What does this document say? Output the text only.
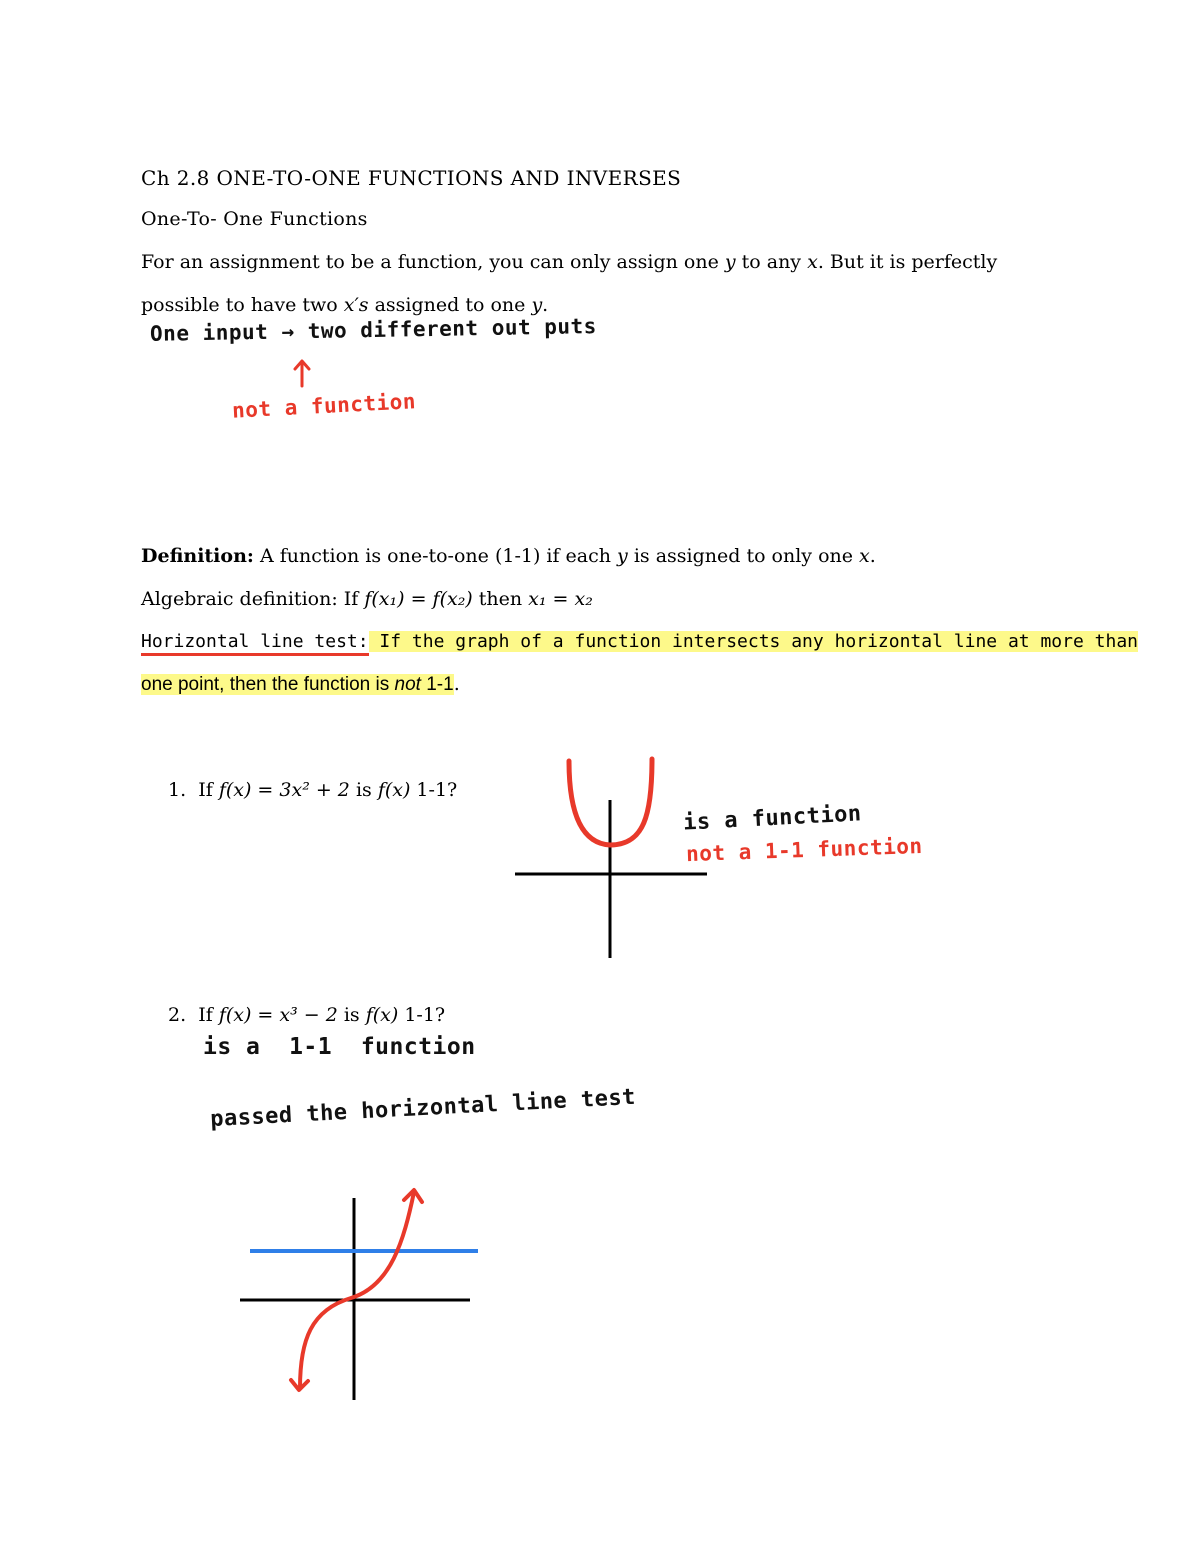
Ch 2.8 ONE-TO-ONE FUNCTIONS AND INVERSES
One-To- One Functions
For an assignment to be a function, you can only assign one y to any x. But it is perfectly
possible to have two x′s assigned to one y.
One input → two different out puts
not a function
Definition: A function is one-to-one (1-1) if each y is assigned to only one x.
Algebraic definition: If f(x₁) = f(x₂) then x₁ = x₂
Horizontal line test: If the graph of a function intersects any horizontal line at more than
one point, then the function is not 1-1.
1. If f(x) = 3x² + 2 is f(x) 1-1?
is a function
not a 1-1 function
2. If f(x) = x³ − 2 is f(x) 1-1?
is a  1-1  function
passed the horizontal line test
